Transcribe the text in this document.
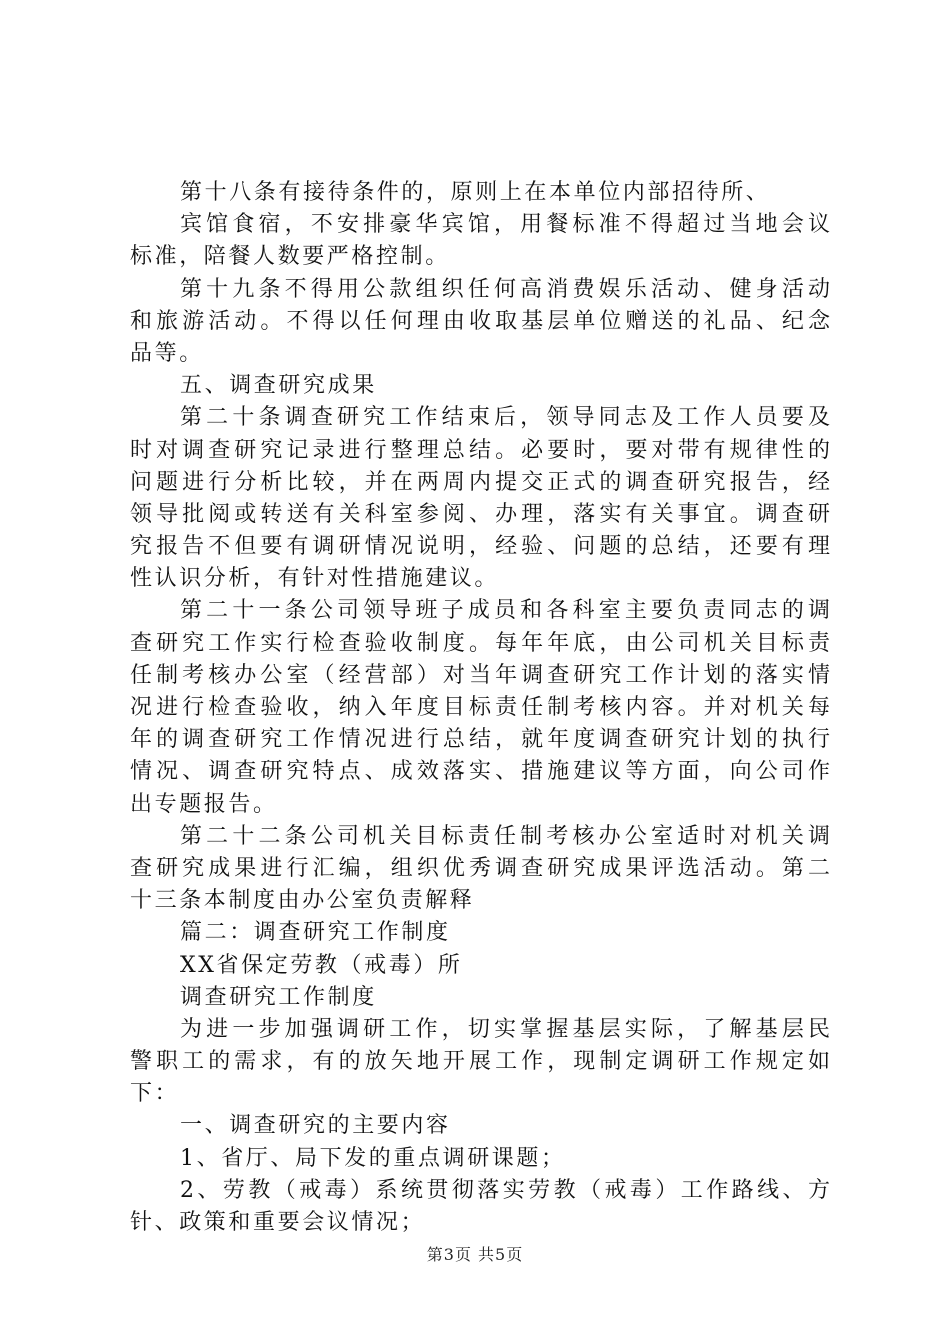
第十八条有接待条件的，原则上在本单位内部招待所、
宾馆食宿，不安排豪华宾馆，用餐标准不得超过当地会议
标准，陪餐人数要严格控制。
第十九条不得用公款组织任何高消费娱乐活动、健身活动
和旅游活动。不得以任何理由收取基层单位赠送的礼品、纪念
品等。
五、调查研究成果
第二十条调查研究工作结束后，领导同志及工作人员要及
时对调查研究记录进行整理总结。必要时，要对带有规律性的
问题进行分析比较，并在两周内提交正式的调查研究报告，经
领导批阅或转送有关科室参阅、办理，落实有关事宜。调查研
究报告不但要有调研情况说明，经验、问题的总结，还要有理
性认识分析，有针对性措施建议。
第二十一条公司领导班子成员和各科室主要负责同志的调
查研究工作实行检查验收制度。每年年底，由公司机关目标责
任制考核办公室（经营部）对当年调查研究工作计划的落实情
况进行检查验收，纳入年度目标责任制考核内容。并对机关每
年的调查研究工作情况进行总结，就年度调查研究计划的执行
情况、调查研究特点、成效落实、措施建议等方面，向公司作
出专题报告。
第二十二条公司机关目标责任制考核办公室适时对机关调
查研究成果进行汇编，组织优秀调查研究成果评选活动。第二
十三条本制度由办公室负责解释
篇二：调查研究工作制度
XX省保定劳教（戒毒）所
调查研究工作制度
为进一步加强调研工作，切实掌握基层实际，了解基层民
警职工的需求，有的放矢地开展工作，现制定调研工作规定如
下：
一、调查研究的主要内容
1、省厅、局下发的重点调研课题；
2、劳教（戒毒）系统贯彻落实劳教（戒毒）工作路线、方
针、政策和重要会议情况；
第3页 共5页
